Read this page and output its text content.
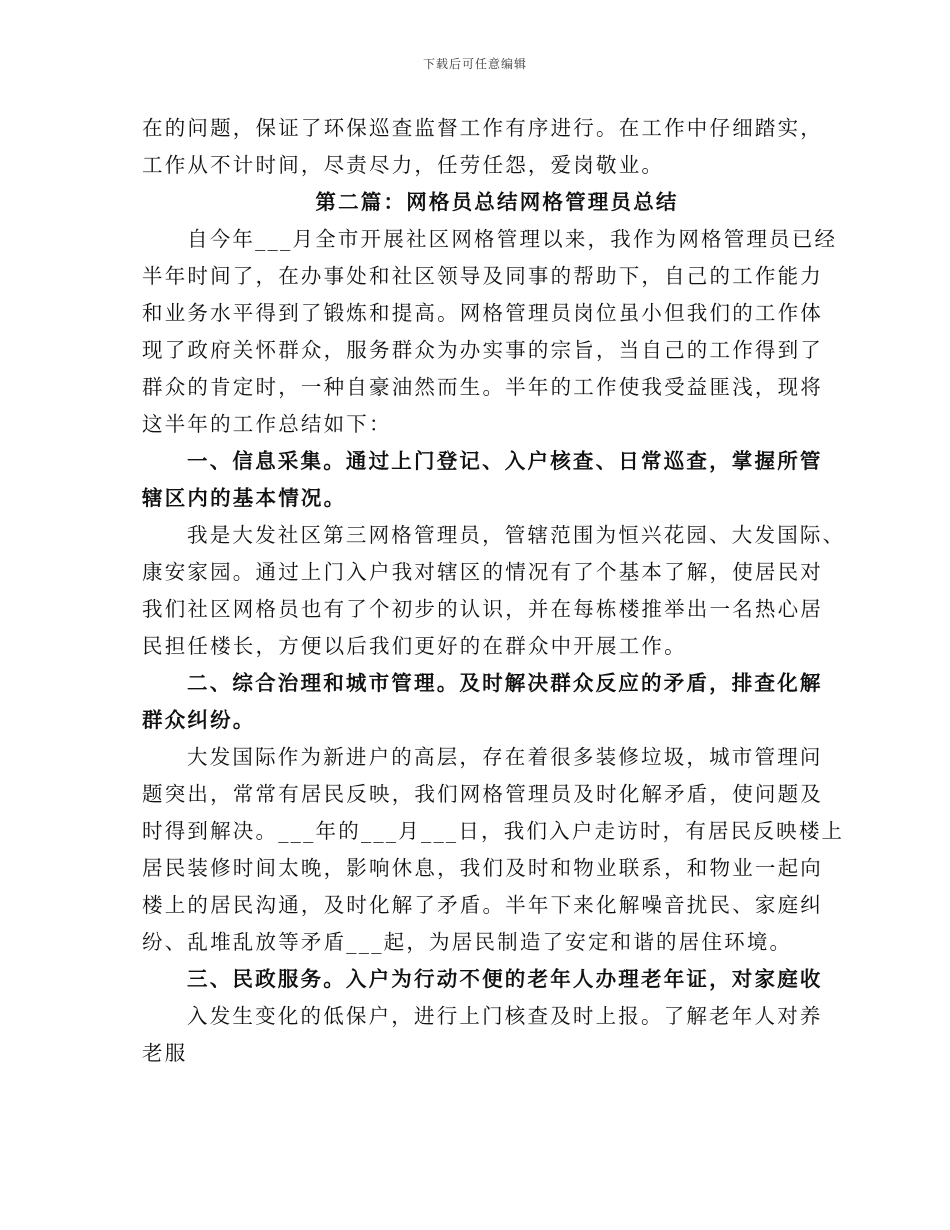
下载后可任意编辑
在的问题，保证了环保巡查监督工作有序进行。在工作中仔细踏实，
工作从不计时间，尽责尽力，任劳任怨，爱岗敬业。
第二篇：网格员总结网格管理员总结
自今年___月全市开展社区网格管理以来，我作为网格管理员已经
半年时间了，在办事处和社区领导及同事的帮助下，自己的工作能力
和业务水平得到了锻炼和提高。网格管理员岗位虽小但我们的工作体
现了政府关怀群众，服务群众为办实事的宗旨，当自己的工作得到了
群众的肯定时，一种自豪油然而生。半年的工作使我受益匪浅，现将
这半年的工作总结如下：
一、信息采集。通过上门登记、入户核查、日常巡查，掌握所管
辖区内的基本情况。
我是大发社区第三网格管理员，管辖范围为恒兴花园、大发国际、
康安家园。通过上门入户我对辖区的情况有了个基本了解，使居民对
我们社区网格员也有了个初步的认识，并在每栋楼推举出一名热心居
民担任楼长，方便以后我们更好的在群众中开展工作。
二、综合治理和城市管理。及时解决群众反应的矛盾，排查化解
群众纠纷。
大发国际作为新进户的高层，存在着很多装修垃圾，城市管理问
题突出，常常有居民反映，我们网格管理员及时化解矛盾，使问题及
时得到解决。___年的___月___日，我们入户走访时，有居民反映楼上
居民装修时间太晚，影响休息，我们及时和物业联系，和物业一起向
楼上的居民沟通，及时化解了矛盾。半年下来化解噪音扰民、家庭纠
纷、乱堆乱放等矛盾___起，为居民制造了安定和谐的居住环境。
三、民政服务。入户为行动不便的老年人办理老年证，对家庭收
入发生变化的低保户，进行上门核查及时上报。了解老年人对养
老服
